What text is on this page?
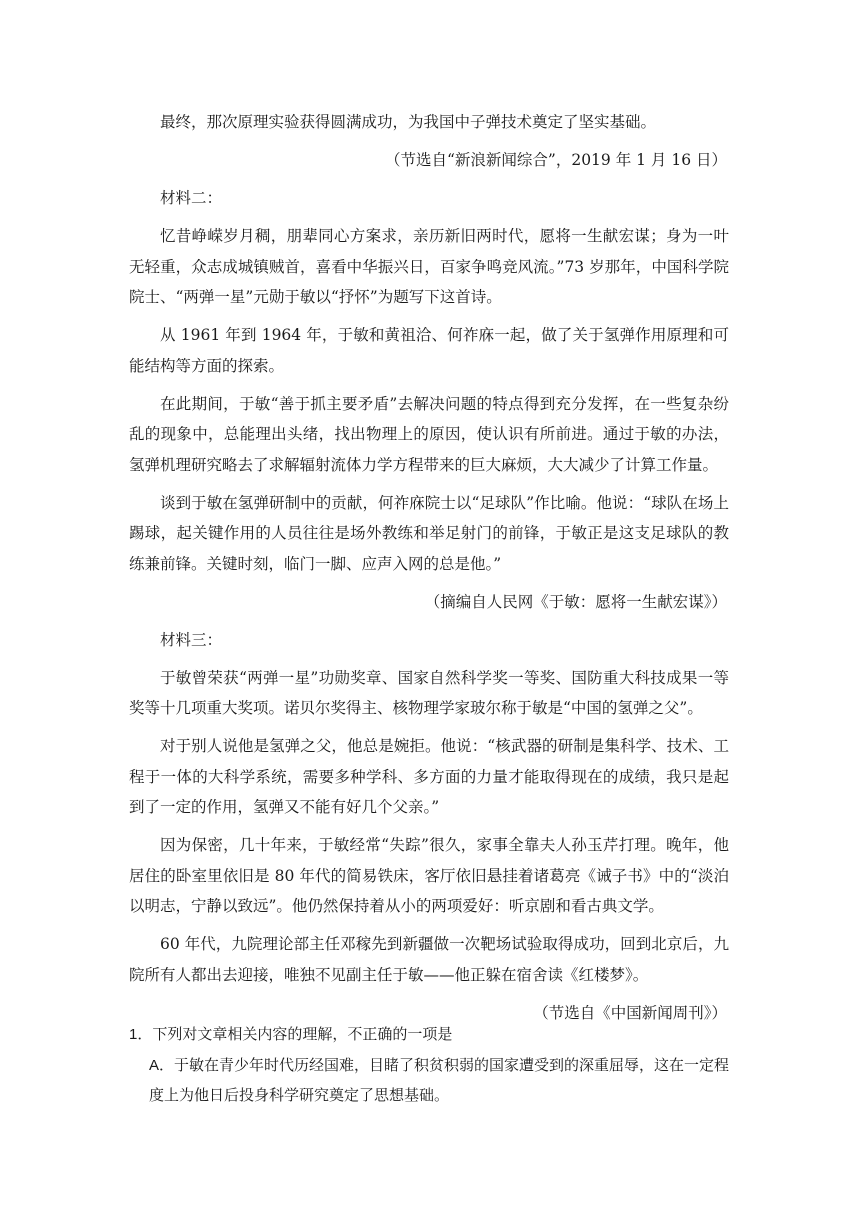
最终，那次原理实验获得圆满成功，为我国中子弹技术奠定了坚实基础。

（节选自“新浪新闻综合”，2019 年 1 月 16 日）

材料二：

忆昔峥嵘岁月稠，朋辈同心方案求，亲历新旧两时代，愿将一生献宏谋；身为一叶无轻重，众志成城镇贼首，喜看中华振兴日，百家争鸣竞风流。”73 岁那年，中国科学院院士、“两弹一星”元勋于敏以“抒怀”为题写下这首诗。

从 1961 年到 1964 年，于敏和黄祖洽、何祚庥一起，做了关于氢弹作用原理和可能结构等方面的探索。

在此期间，于敏“善于抓主要矛盾”去解决问题的特点得到充分发挥，在一些复杂纷乱的现象中，总能理出头绪，找出物理上的原因，使认识有所前进。通过于敏的办法，氢弹机理研究略去了求解辐射流体力学方程带来的巨大麻烦，大大减少了计算工作量。

谈到于敏在氢弹研制中的贡献，何祚庥院士以“足球队”作比喻。他说：“球队在场上踢球，起关键作用的人员往往是场外教练和举足射门的前锋，于敏正是这支足球队的教练兼前锋。关键时刻，临门一脚、应声入网的总是他。”

（摘编自人民网《于敏：愿将一生献宏谋》）

材料三：

于敏曾荣获“两弹一星”功勋奖章、国家自然科学奖一等奖、国防重大科技成果一等奖等十几项重大奖项。诺贝尔奖得主、核物理学家玻尔称于敏是“中国的氢弹之父”。

对于别人说他是氢弹之父，他总是婉拒。他说：“核武器的研制是集科学、技术、工程于一体的大科学系统，需要多种学科、多方面的力量才能取得现在的成绩，我只是起到了一定的作用，氢弹又不能有好几个父亲。”

因为保密，几十年来，于敏经常“失踪”很久，家事全靠夫人孙玉芹打理。晚年，他居住的卧室里依旧是 80 年代的简易铁床，客厅依旧悬挂着诸葛亮《诫子书》中的“淡泊以明志，宁静以致远”。他仍然保持着从小的两项爱好：听京剧和看古典文学。

60 年代，九院理论部主任邓稼先到新疆做一次靶场试验取得成功，回到北京后，九院所有人都出去迎接，唯独不见副主任于敏——他正躲在宿舍读《红楼梦》。

（节选自《中国新闻周刊》）

1．下列对文章相关内容的理解，不正确的一项是

A．于敏在青少年时代历经国难，目睹了积贫积弱的国家遭受到的深重屈辱，这在一定程度上为他日后投身科学研究奠定了思想基础。
